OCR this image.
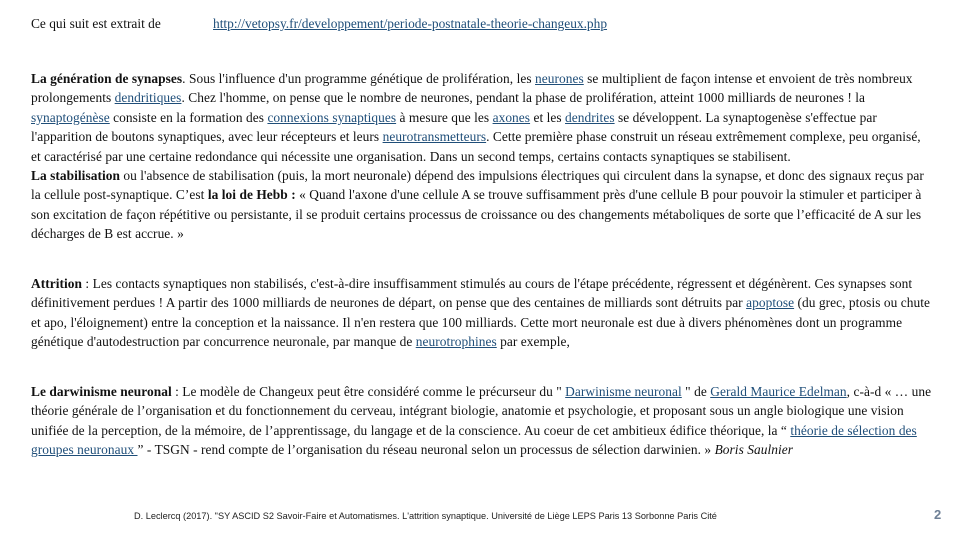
Ce qui suit est extrait de	http://vetopsy.fr/developpement/periode-postnatale-theorie-changeux.php
La génération de synapses. Sous l'influence d'un programme génétique de prolifération, les neurones se multiplient de façon intense et envoient de très nombreux prolongements dendritiques. Chez l'homme, on pense que le nombre de neurones, pendant la phase de prolifération, atteint 1000 milliards de neurones ! la synaptogénèse consiste en la formation des connexions synaptiques à mesure que les axones et les dendrites se développent. La synaptogenèse s'effectue par l'apparition de boutons synaptiques, avec leur récepteurs et leurs neurotransmetteurs. Cette première phase construit un réseau extrêmement complexe, peu organisé, et caractérisé par une certaine redondance qui nécessite une organisation. Dans un second temps, certains contacts synaptiques se stabilisent.
La stabilisation ou l'absence de stabilisation (puis, la mort neuronale) dépend des impulsions électriques qui circulent dans la synapse, et donc des signaux reçus par la cellule post-synaptique. C’est la loi de Hebb : « Quand l'axone d'une cellule A se trouve suffisamment près d'une cellule B pour pouvoir la stimuler et participer à son excitation de façon répétitive ou persistante, il se produit certains processus de croissance ou des changements métaboliques de sorte que l’efficacité de A sur les décharges de B est accrue. »
Attrition : Les contacts synaptiques non stabilisés, c'est-à-dire insuffisamment stimulés au cours de l'étape précédente, régressent et dégénèrent. Ces synapses sont définitivement perdues ! A partir des 1000 milliards de neurones de départ, on pense que des centaines de milliards sont détruits par apoptose (du grec, ptosis ou chute et apo, l'éloignement) entre la conception et la naissance. Il n'en restera que 100 milliards. Cette mort neuronale est due à divers phénomènes dont un programme génétique d'autodestruction par concurrence neuronale, par manque de neurotrophines par exemple,
Le darwinisme neuronal : Le modèle de Changeux peut être considéré comme le précurseur du " Darwinisme neuronal " de Gerald Maurice Edelman, c-à-d « … une théorie générale de l’organisation et du fonctionnement du cerveau, intégrant biologie, anatomie et psychologie, et proposant sous un angle biologique une vision unifiée de la perception, de la mémoire, de l’apprentissage, du langage et de la conscience. Au coeur de cet ambitieux édifice théorique, la “ théorie de sélection des groupes neuronaux ” - TSGN - rend compte de l’organisation du réseau neuronal selon un processus de sélection darwinien. » Boris Saulnier
D. Leclercq (2017). "SY ASCID S2 Savoir-Faire et Automatismes. L'attrition synaptique. Université de Liège LEPS Paris 13 Sorbonne Paris Cité	2
